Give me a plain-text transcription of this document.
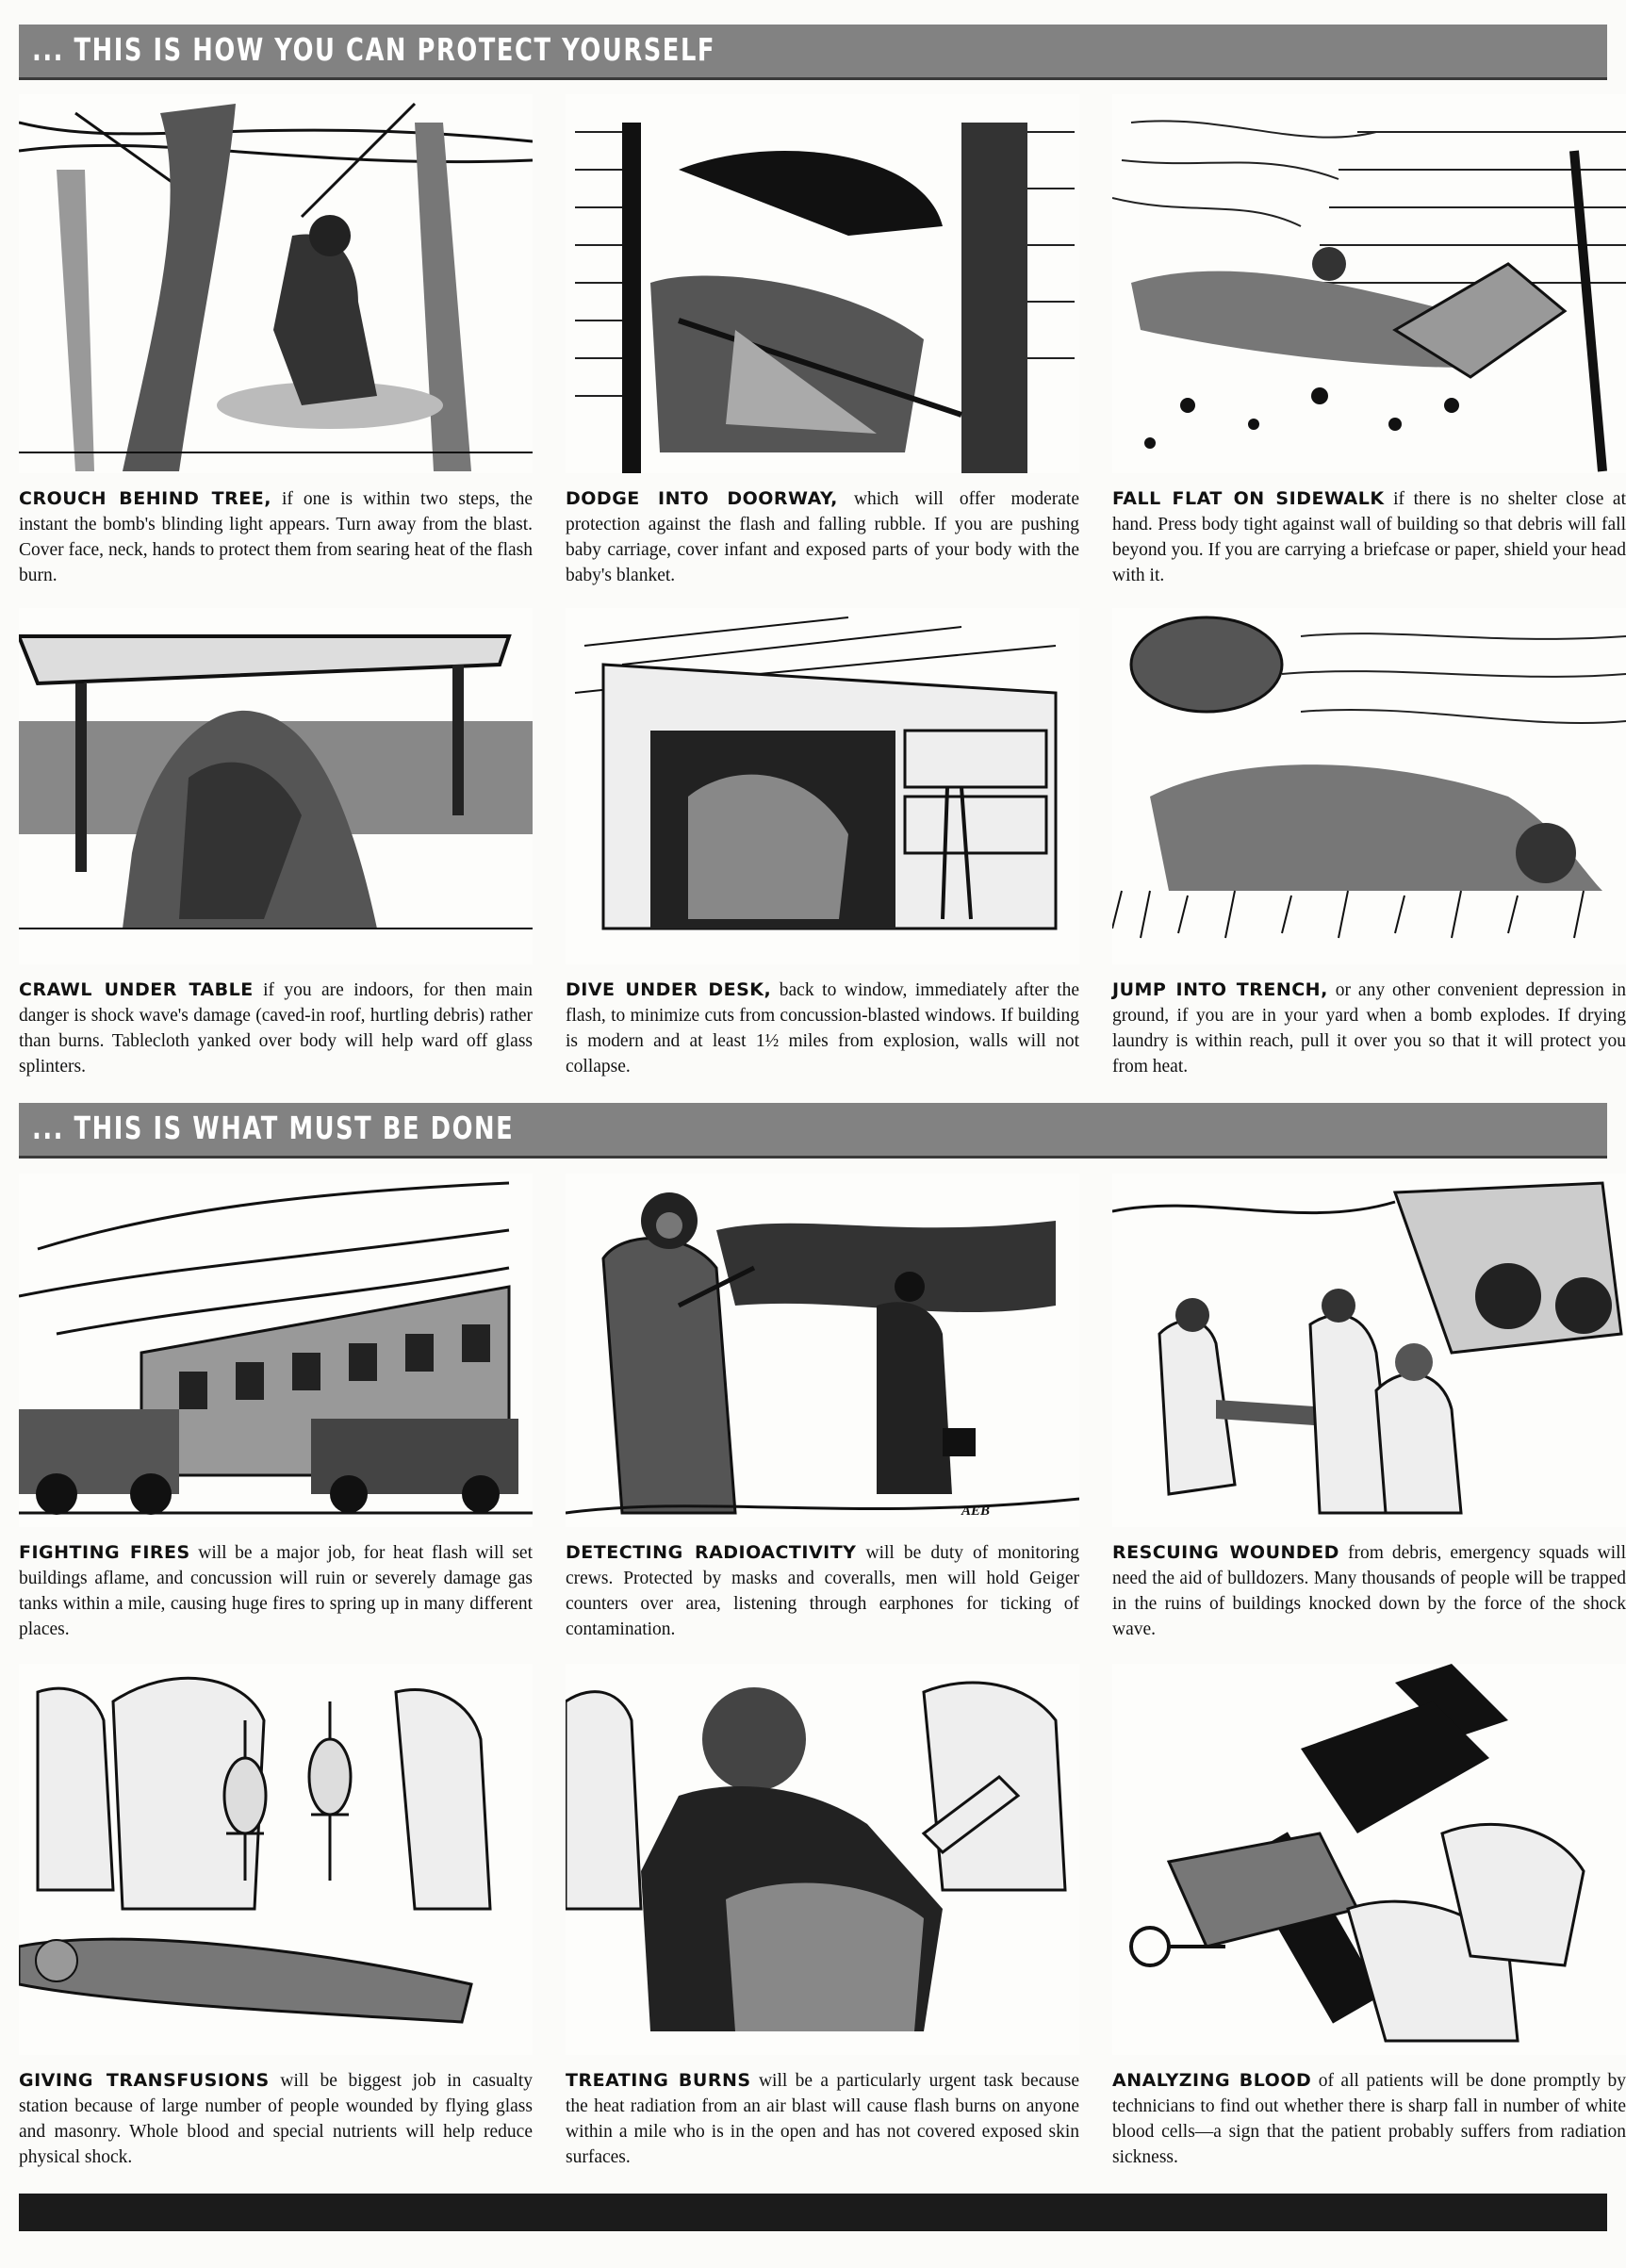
... THIS IS HOW YOU CAN PROTECT YOURSELF
... THIS IS WHAT MUST BE DONE
CROUCH BEHIND TREE, if one is within two steps, the instant the bomb's blinding light appears. Turn away from the blast. Cover face, neck, hands to protect them from searing heat of the flash burn.
DODGE INTO DOORWAY, which will offer moderate protection against the flash and falling rubble. If you are pushing baby carriage, cover infant and exposed parts of your body with the baby's blanket.
FALL FLAT ON SIDEWALK if there is no shelter close at hand. Press body tight against wall of building so that debris will fall beyond you. If you are carrying a briefcase or paper, shield your head with it.
CRAWL UNDER TABLE if you are indoors, for then main danger is shock wave's damage (caved-in roof, hurtling debris) rather than burns. Tablecloth yanked over body will help ward off glass splinters.
DIVE UNDER DESK, back to window, immediately after the flash, to minimize cuts from concussion-blasted windows. If building is modern and at least 1½ miles from explosion, walls will not collapse.
JUMP INTO TRENCH, or any other convenient depression in ground, if you are in your yard when a bomb explodes. If drying laundry is within reach, pull it over you so that it will protect you from heat.
FIGHTING FIRES will be a major job, for heat flash will set buildings aflame, and concussion will ruin or severely damage gas tanks within a mile, causing huge fires to spring up in many different places.
AEB
DETECTING RADIOACTIVITY will be duty of monitoring crews. Protected by masks and coveralls, men will hold Geiger counters over area, listening through earphones for ticking of contamination.
RESCUING WOUNDED from debris, emergency squads will need the aid of bulldozers. Many thousands of people will be trapped in the ruins of buildings knocked down by the force of the shock wave.
GIVING TRANSFUSIONS will be biggest job in casualty station because of large number of people wounded by flying glass and masonry. Whole blood and special nutrients will help reduce physical shock.
TREATING BURNS will be a particularly urgent task because the heat radiation from an air blast will cause flash burns on anyone within a mile who is in the open and has not covered exposed skin surfaces.
ANALYZING BLOOD of all patients will be done promptly by technicians to find out whether there is sharp fall in number of white blood cells—a sign that the patient probably suffers from radiation sickness.
